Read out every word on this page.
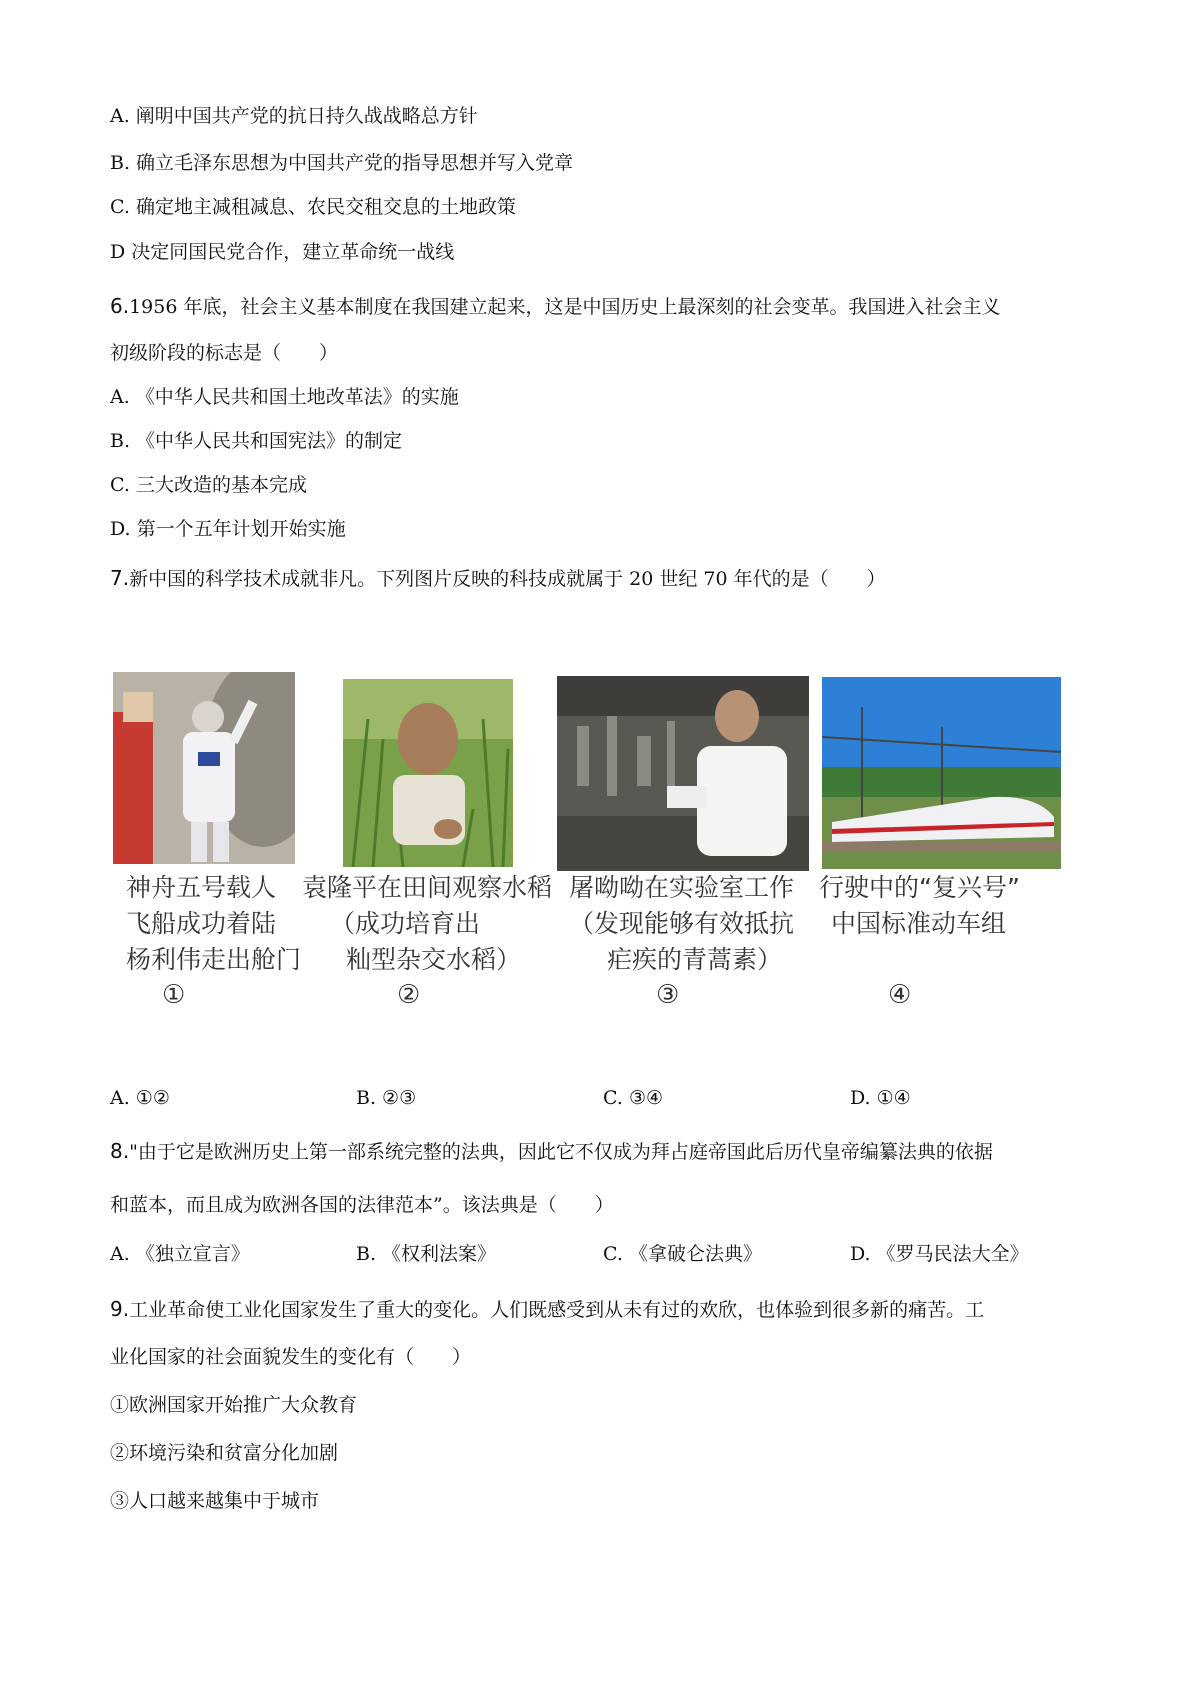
A. 阐明中国共产党的抗日持久战战略总方针
B. 确立毛泽东思想为中国共产党的指导思想并写入党章
C. 确定地主减租减息、农民交租交息的土地政策
D 决定同国民党合作，建立革命统一战线
6.1956 年底，社会主义基本制度在我国建立起来，这是中国历史上最深刻的社会变革。我国进入社会主义
初级阶段的标志是（　　）
A. 《中华人民共和国土地改革法》的实施
B. 《中华人民共和国宪法》的制定
C. 三大改造的基本完成
D. 第一个五年计划开始实施
7.新中国的科学技术成就非凡。下列图片反映的科技成就属于 20 世纪 70 年代的是（　　）
神舟五号载人
飞船成功着陆
杨利伟走出舱门
袁隆平在田间观察水稻
（成功培育出
籼型杂交水稻）
屠呦呦在实验室工作
（发现能够有效抵抗
疟疾的青蒿素）
行驶中的“复兴号”
中国标准动车组
①	②	③	④
A. ①②	B. ②③	C. ③④	D. ①④
8."由于它是欧洲历史上第一部系统完整的法典，因此它不仅成为拜占庭帝国此后历代皇帝编纂法典的依据
和蓝本，而且成为欧洲各国的法律范本”。该法典是（　　）
A. 《独立宣言》	B. 《权利法案》	C. 《拿破仑法典》	D. 《罗马民法大全》
9.工业革命使工业化国家发生了重大的变化。人们既感受到从未有过的欢欣，也体验到很多新的痛苦。工
业化国家的社会面貌发生的变化有（　　）
①欧洲国家开始推广大众教育
②环境污染和贫富分化加剧
③人口越来越集中于城市
